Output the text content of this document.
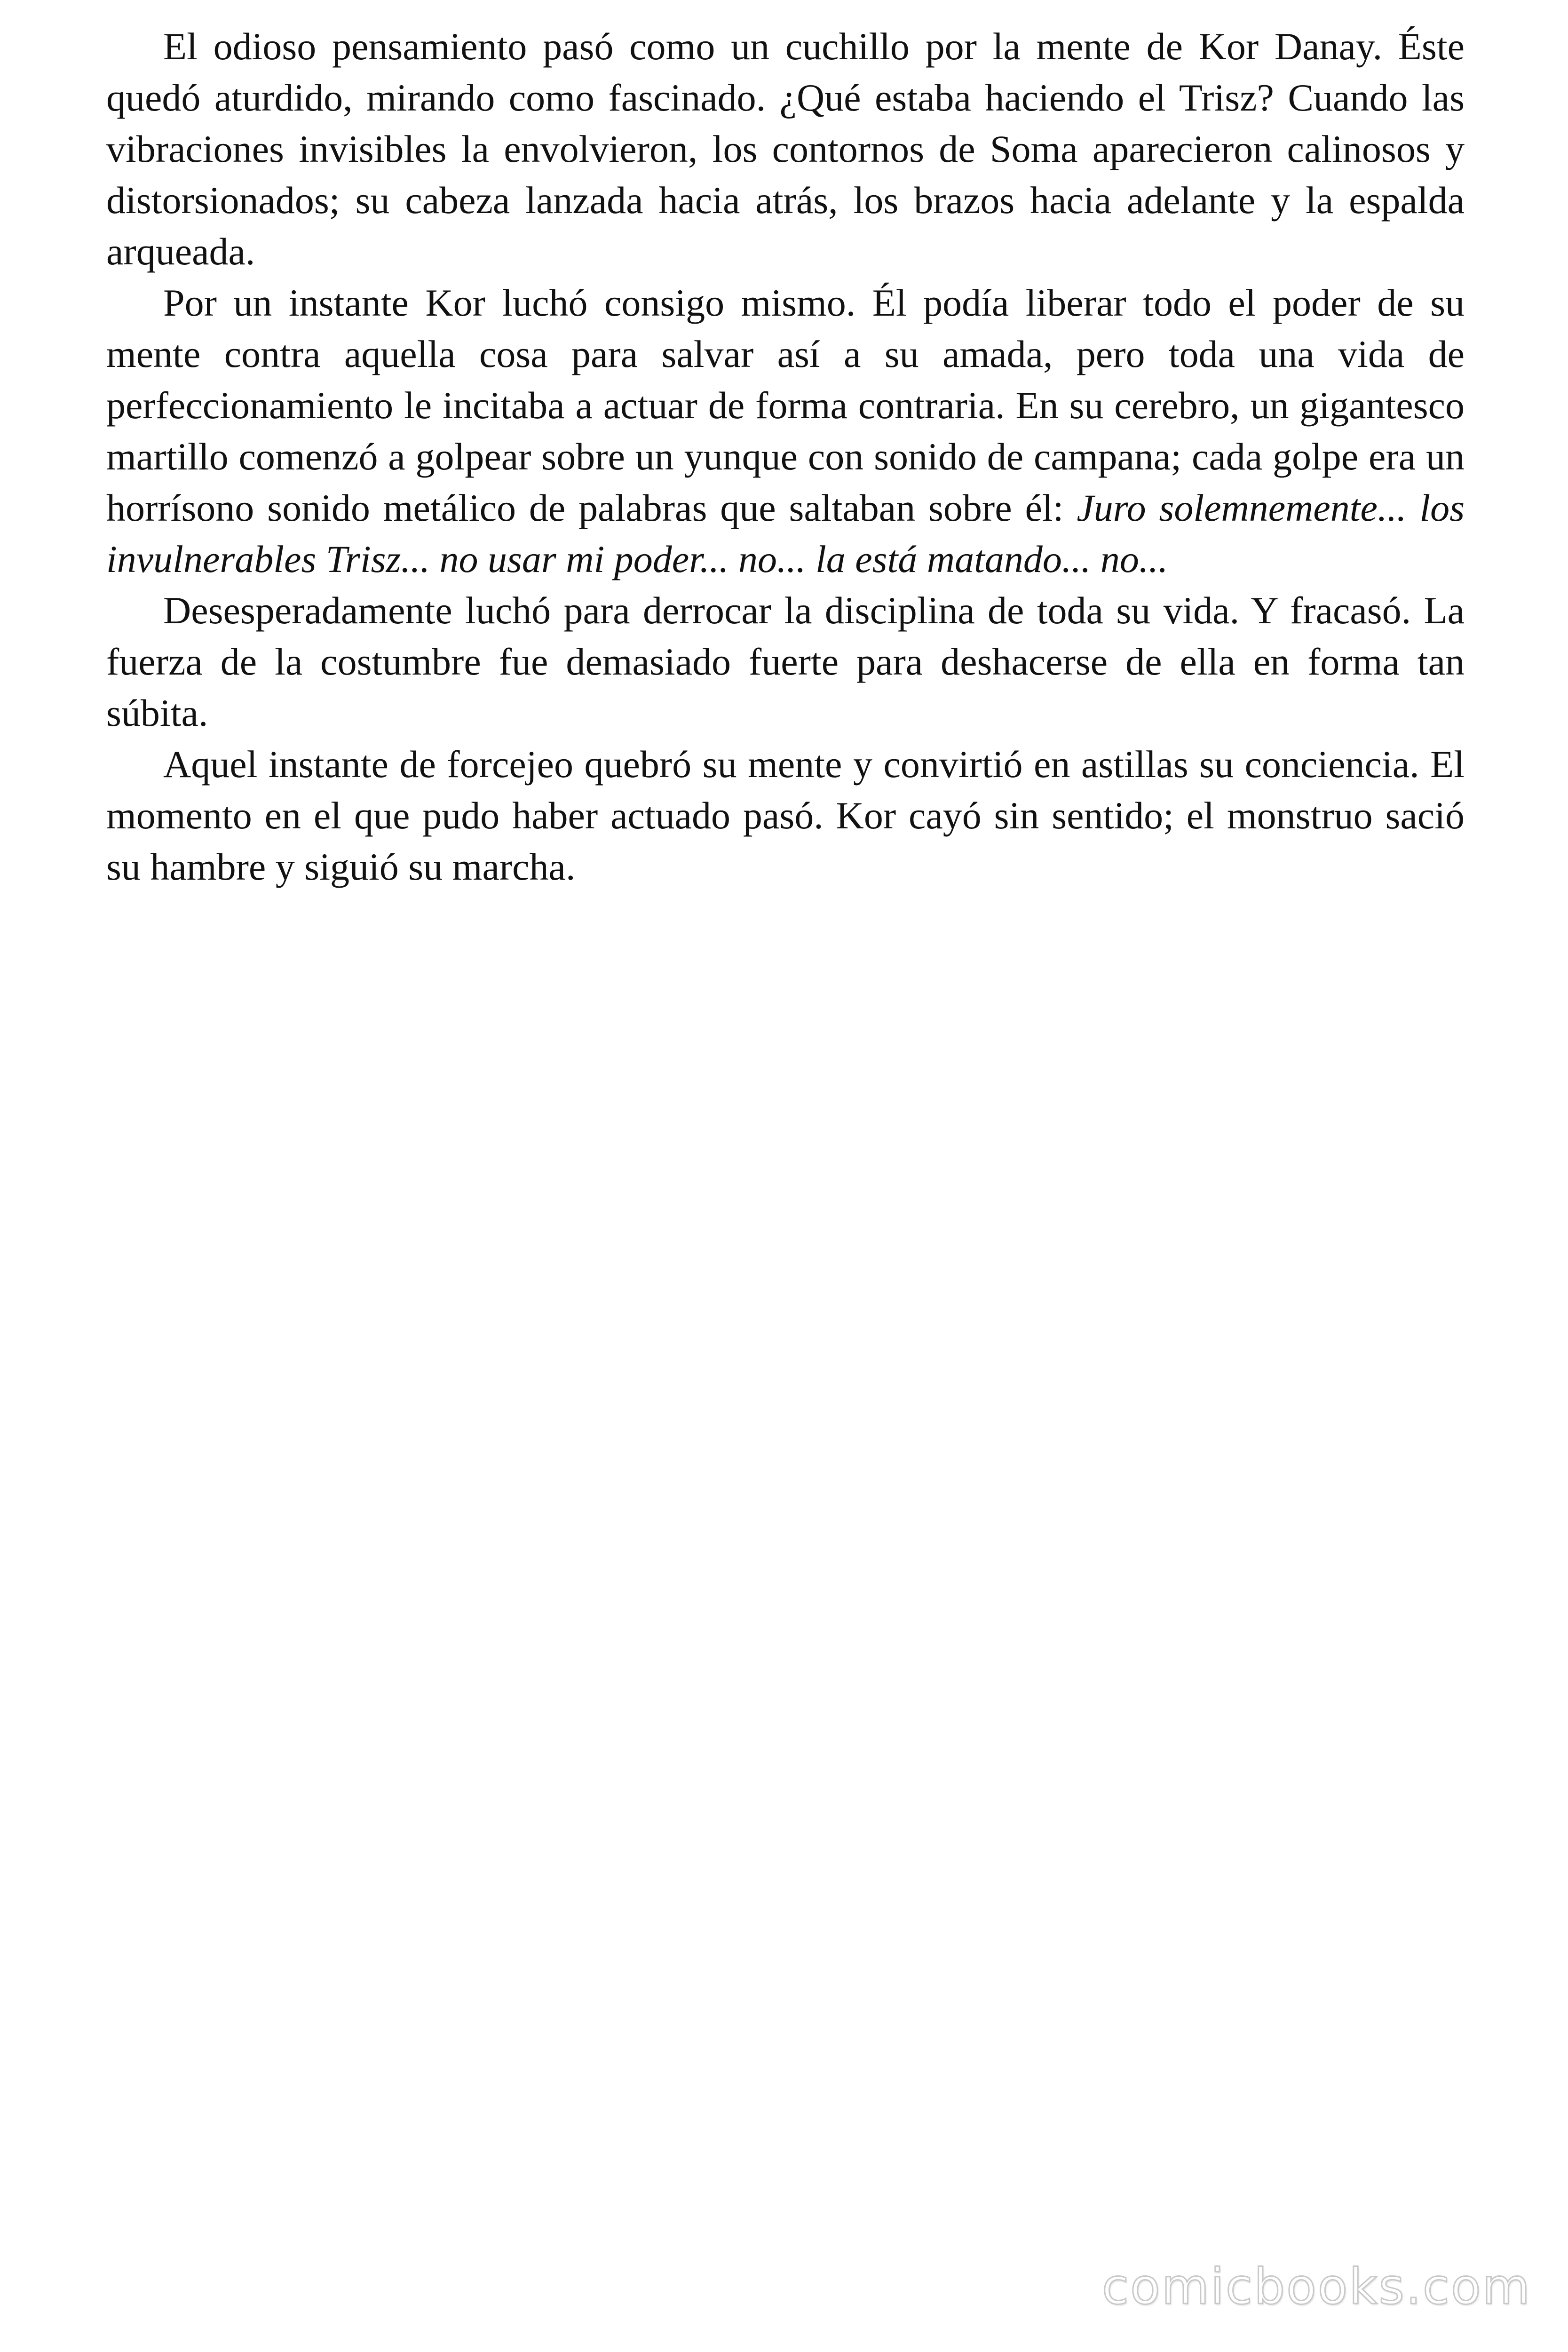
El odioso pensamiento pasó como un cuchillo por la mente de Kor Danay. Éste quedó aturdido, mirando como fascinado. ¿Qué estaba haciendo el Trisz? Cuando las vibraciones invisibles la envolvieron, los contornos de Soma aparecieron calinosos y distorsionados; su cabeza lanzada hacia atrás, los brazos hacia adelante y la espalda arqueada.

Por un instante Kor luchó consigo mismo. Él podía liberar todo el poder de su mente contra aquella cosa para salvar así a su amada, pero toda una vida de perfeccionamiento le incitaba a actuar de forma contraria. En su cerebro, un gigantesco martillo comenzó a golpear sobre un yunque con sonido de campana; cada golpe era un horrísono sonido metálico de palabras que saltaban sobre él: Juro solemnemente... los invulnerables Trisz... no usar mi poder... no... la está matando... no...

Desesperadamente luchó para derrocar la disciplina de toda su vida. Y fracasó. La fuerza de la costumbre fue demasiado fuerte para deshacerse de ella en forma tan súbita.

Aquel instante de forcejeo quebró su mente y convirtió en astillas su conciencia. El momento en el que pudo haber actuado pasó. Kor cayó sin sentido; el monstruo sació su hambre y siguió su marcha.

comicbooks.com
